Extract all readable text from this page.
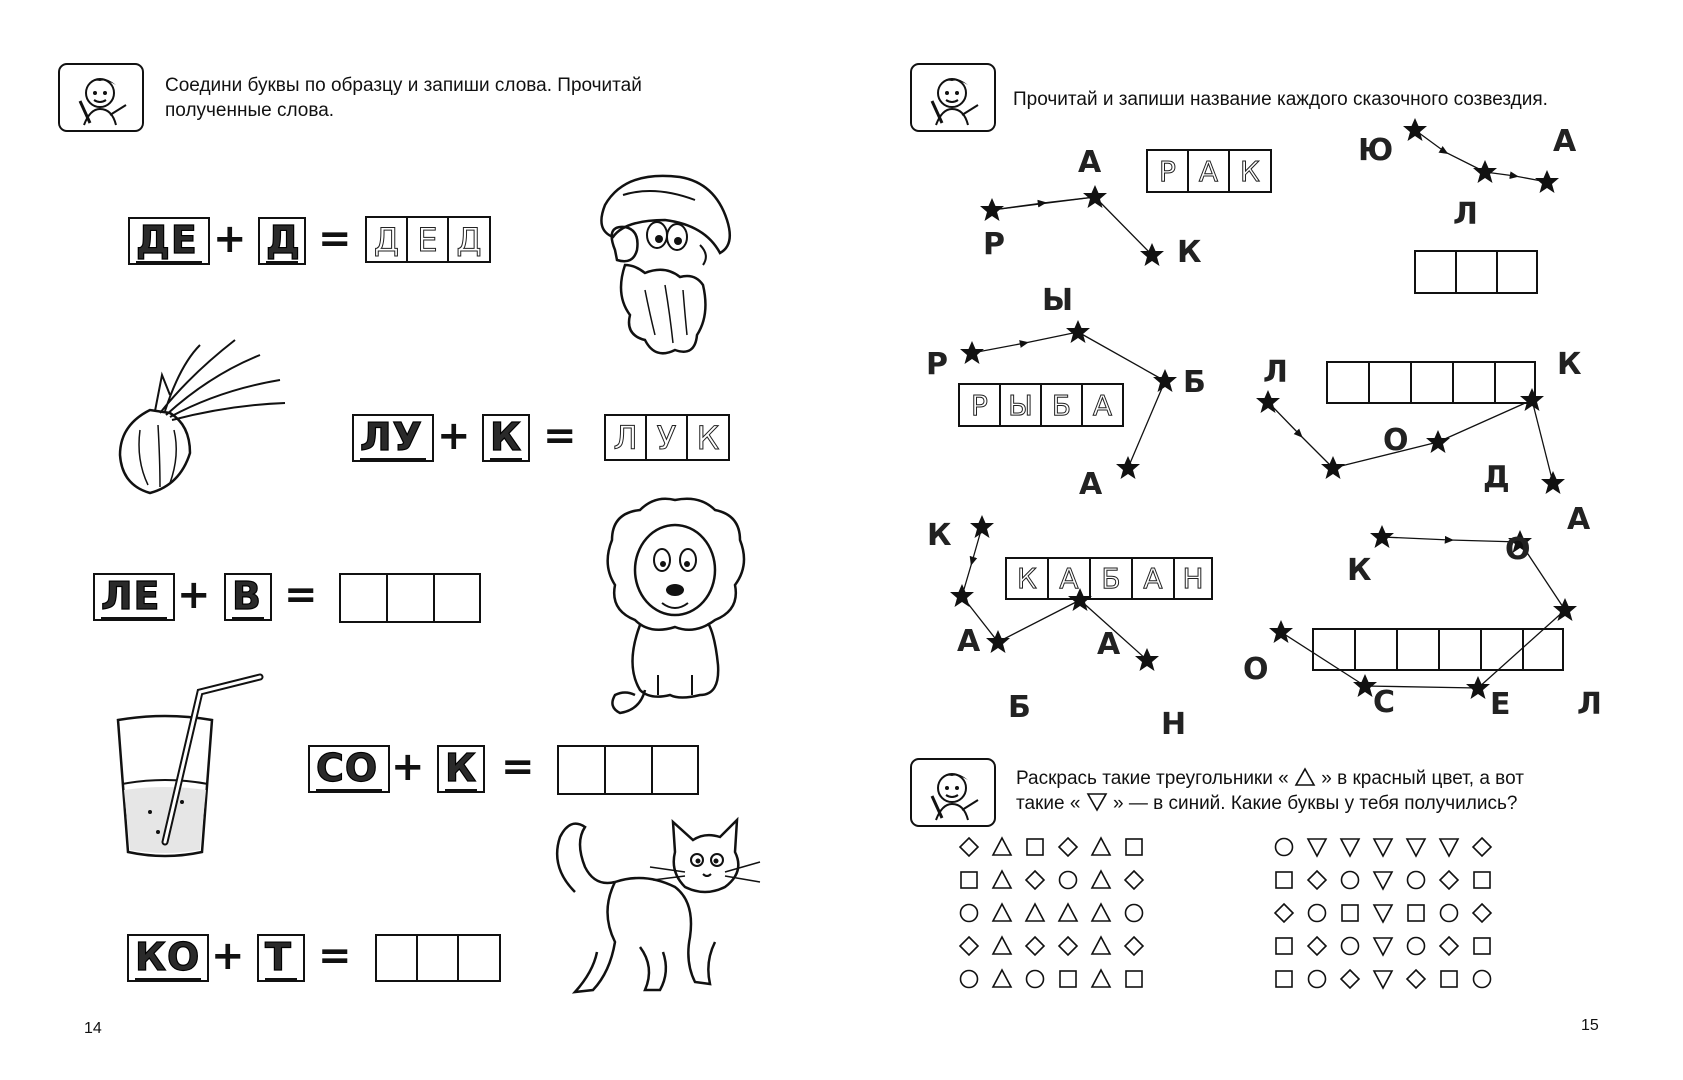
Соедини буквы по образцу и запиши слова. Прочитай
полученные слова.
ДЕ + Д = Д Е Д
ЛУ + К = Л У К
ЛЕ + В =
СО + К =
КО + Т =
14
Прочитай и запиши название каждого сказочного созвездия.
Р
А
К
Р А К
Ю
Л
А
Р
Ы
Б
А
Р Ы Б А
Л
О
Д
К
А
К
А
Б
А
Н
К А Б А Н	К
О
Л
Е
С
О
Раскрась такие треугольники « » в красный цвет, а вот
такие « » — в синий. Какие буквы у тебя получились?
15
